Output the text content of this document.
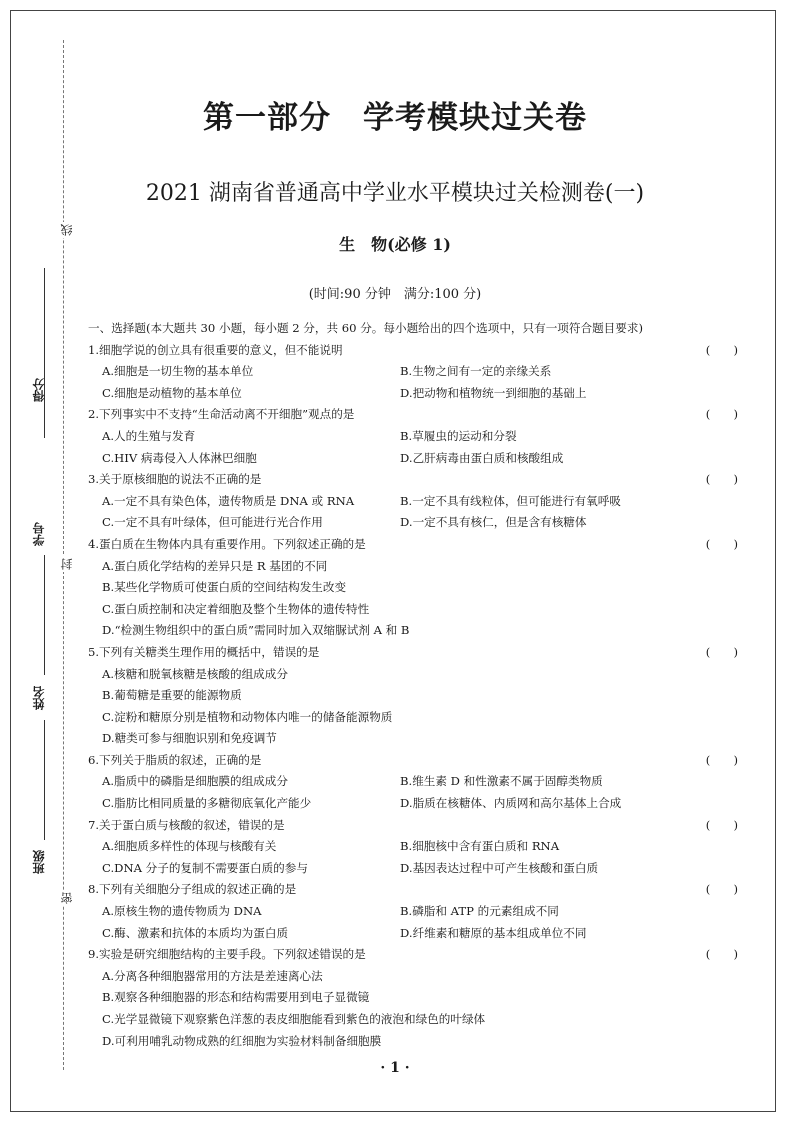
线
封
密
得分
学号
姓名
班级
第一部分　学考模块过关卷
2021 湖南省普通高中学业水平模块过关检测卷(一)
生　物(必修 1)
(时间:90 分钟　满分:100 分)
一、选择题(本大题共 30 小题，每小题 2 分，共 60 分。每小题给出的四个选项中，只有一项符合题目要求)
1.细胞学说的创立具有很重要的意义，但不能说明	(　　)
A.细胞是一切生物的基本单位	B.生物之间有一定的亲缘关系
C.细胞是动植物的基本单位	D.把动物和植物统一到细胞的基础上
2.下列事实中不支持“生命活动离不开细胞”观点的是	(　　)
A.人的生殖与发育	B.草履虫的运动和分裂
C.HIV 病毒侵入人体淋巴细胞	D.乙肝病毒由蛋白质和核酸组成
3.关于原核细胞的说法不正确的是	(　　)
A.一定不具有染色体，遗传物质是 DNA 或 RNA	B.一定不具有线粒体，但可能进行有氧呼吸
C.一定不具有叶绿体，但可能进行光合作用	D.一定不具有核仁，但是含有核糖体
4.蛋白质在生物体内具有重要作用。下列叙述正确的是	(　　)
A.蛋白质化学结构的差异只是 R 基团的不同
B.某些化学物质可使蛋白质的空间结构发生改变
C.蛋白质控制和决定着细胞及整个生物体的遗传特性
D.“检测生物组织中的蛋白质”需同时加入双缩脲试剂 A 和 B
5.下列有关糖类生理作用的概括中，错误的是	(　　)
A.核糖和脱氧核糖是核酸的组成成分
B.葡萄糖是重要的能源物质
C.淀粉和糖原分别是植物和动物体内唯一的储备能源物质
D.糖类可参与细胞识别和免疫调节
6.下列关于脂质的叙述，正确的是	(　　)
A.脂质中的磷脂是细胞膜的组成成分	B.维生素 D 和性激素不属于固醇类物质
C.脂肪比相同质量的多糖彻底氧化产能少	D.脂质在核糖体、内质网和高尔基体上合成
7.关于蛋白质与核酸的叙述，错误的是	(　　)
A.细胞质多样性的体现与核酸有关	B.细胞核中含有蛋白质和 RNA
C.DNA 分子的复制不需要蛋白质的参与	D.基因表达过程中可产生核酸和蛋白质
8.下列有关细胞分子组成的叙述正确的是	(　　)
A.原核生物的遗传物质为 DNA	B.磷脂和 ATP 的元素组成不同
C.酶、激素和抗体的本质均为蛋白质	D.纤维素和糖原的基本组成单位不同
9.实验是研究细胞结构的主要手段。下列叙述错误的是	(　　)
A.分离各种细胞器常用的方法是差速离心法
B.观察各种细胞器的形态和结构需要用到电子显微镜
C.光学显微镜下观察紫色洋葱的表皮细胞能看到紫色的液泡和绿色的叶绿体
D.可利用哺乳动物成熟的红细胞为实验材料制备细胞膜
· 1 ·
